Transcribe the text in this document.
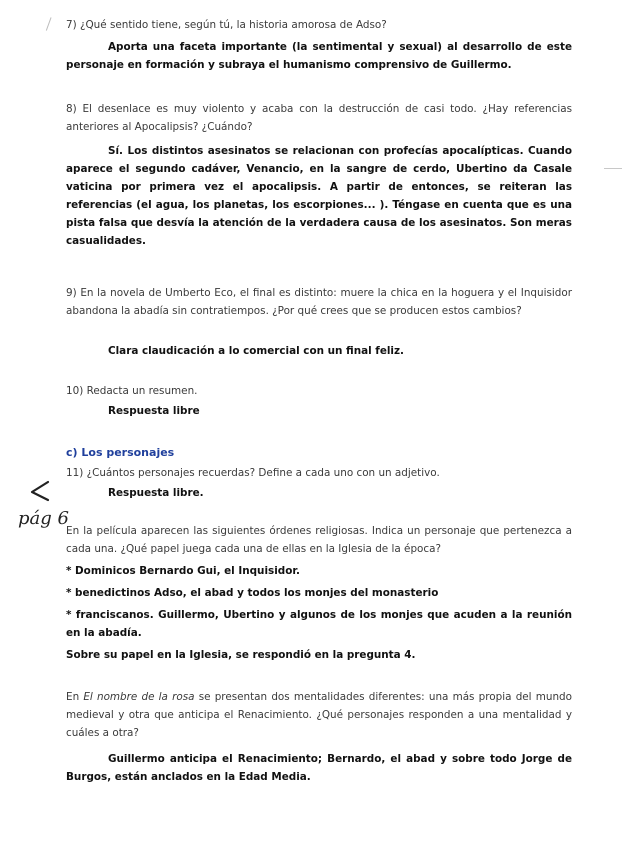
7) ¿Qué sentido tiene, según tú, la historia amorosa de Adso?
Aporta una faceta importante (la sentimental y sexual) al desarrollo de este personaje en formación y subraya el humanismo comprensivo de Guillermo.
8) El desenlace es muy violento y acaba con la destrucción de casi todo. ¿Hay referencias anteriores al Apocalipsis? ¿Cuándo?
Sí. Los distintos asesinatos se relacionan con profecías apocalípticas. Cuando aparece el segundo cadáver, Venancio, en la sangre de cerdo, Ubertino da Casale vaticina por primera vez el apocalipsis. A partir de entonces, se reiteran las referencias (el agua, los planetas, los escorpiones... ). Téngase en cuenta que es una pista falsa que desvía la atención de la verdadera causa de los asesinatos. Son meras casualidades.
9) En la novela de Umberto Eco, el final es distinto: muere la chica en la hoguera y el Inquisidor abandona la abadía sin contratiempos. ¿Por qué crees que se producen estos cambios?
Clara claudicación a lo comercial con un final feliz.
10) Redacta un resumen.
Respuesta libre
c) Los personajes
11) ¿Cuántos personajes recuerdas? Define a cada uno con un adjetivo.
Respuesta libre.
pág 6
En la película aparecen las siguientes órdenes religiosas. Indica un personaje que pertenezca a cada una. ¿Qué papel juega cada una de ellas en la Iglesia de la época?
* Dominicos Bernardo Gui, el Inquisidor.
* benedictinos Adso, el abad y todos los monjes del monasterio
* franciscanos. Guillermo, Ubertino y algunos de los monjes que acuden a la reunión en la abadía.
Sobre su papel en la Iglesia, se respondió en la pregunta 4.
En El nombre de la rosa se presentan dos mentalidades diferentes: una más propia del mundo medieval y otra que anticipa el Renacimiento. ¿Qué personajes responden a una mentalidad y cuáles a otra?
Guillermo anticipa el Renacimiento; Bernardo, el abad y sobre todo Jorge de Burgos, están anclados en la Edad Media.
